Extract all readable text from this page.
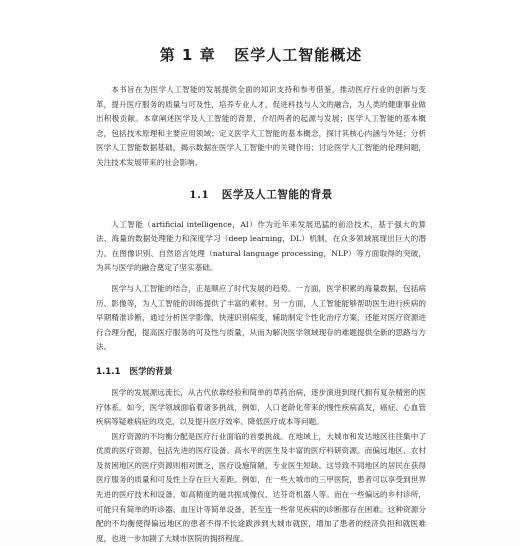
第 1 章 医学人工智能概述

本书旨在为医学人工智能的发展提供全面的知识支持和参考借鉴，推动医疗行业的创新与变革，提升医疗服务的质量与可及性，培养专业人才，促进科技与人文的融合，为人类的健康事业做出积极贡献。本章阐述医学及人工智能的背景，介绍两者的起源与发展；医学人工智能的基本概念，包括技术原理和主要应用领域；定义医学人工智能的基本概念，探讨其核心内涵与外延；分析医学人工智能数据基础，揭示数据在医学人工智能中的关键作用；讨论医学人工智能的伦理问题，关注技术发展带来的社会影响。

1.1 医学及人工智能的背景

人工智能（artificial intelligence，AI）作为近年来发展迅猛的前沿技术，基于强大的算法、海量的数据处理能力和深度学习（deep learning，DL）机制，在众多领域展现出巨大的潜力。在图像识别、自然语言处理（natural language processing，NLP）等方面取得的突破，为其与医学的融合奠定了坚实基础。

医学与人工智能的结合，正是顺应了时代发展的趋势。一方面，医学积累的海量数据，包括病历、影像等，为人工智能的训练提供了丰富的素材。另一方面，人工智能能够帮助医生进行疾病的早期精准诊断，通过分析医学影像，快速识别病变，辅助制定个性化治疗方案，还能对医疗资源进行合理分配，提高医疗服务的可及性与质量，从而为解决医学领域现存的难题提供全新的思路与方法。

1.1.1 医学的背景

医学的发展源远流长，从古代依靠经验和简单的草药治病，逐步演进到现代拥有复杂精密的医疗体系。如今，医学领域面临着诸多挑战，例如，人口老龄化带来的慢性疾病高发，癌症、心血管疾病等疑难病症的攻克，以及提升医疗效率、降低医疗成本等问题。

医疗资源的不均衡分配是医疗行业面临的首要挑战。在地域上，大城市和发达地区往往集中了优质的医疗资源，包括先进的医疗设备、高水平的医生及丰富的医疗科研资源。而偏远地区、农村及贫困地区的医疗资源则相对匮乏，医疗设施简陋，专业医生短缺。这导致不同地区的居民在获得医疗服务的质量和可及性上存在巨大差距。例如，在一些大城市的三甲医院，患者可以享受到世界先进的医疗技术和设备，如高精度的磁共振成像仪、达芬奇机器人等。而在一些偏远的乡村诊所，可能只有简单的听诊器、血压计等简单设备，甚至连一些常见疾病的诊断都存在困难。这种资源分配的不均衡使得偏远地区的患者不得不长途跋涉到大城市就医，增加了患者的经济负担和就医难度，也进一步加剧了大城市医院的拥挤程度。
